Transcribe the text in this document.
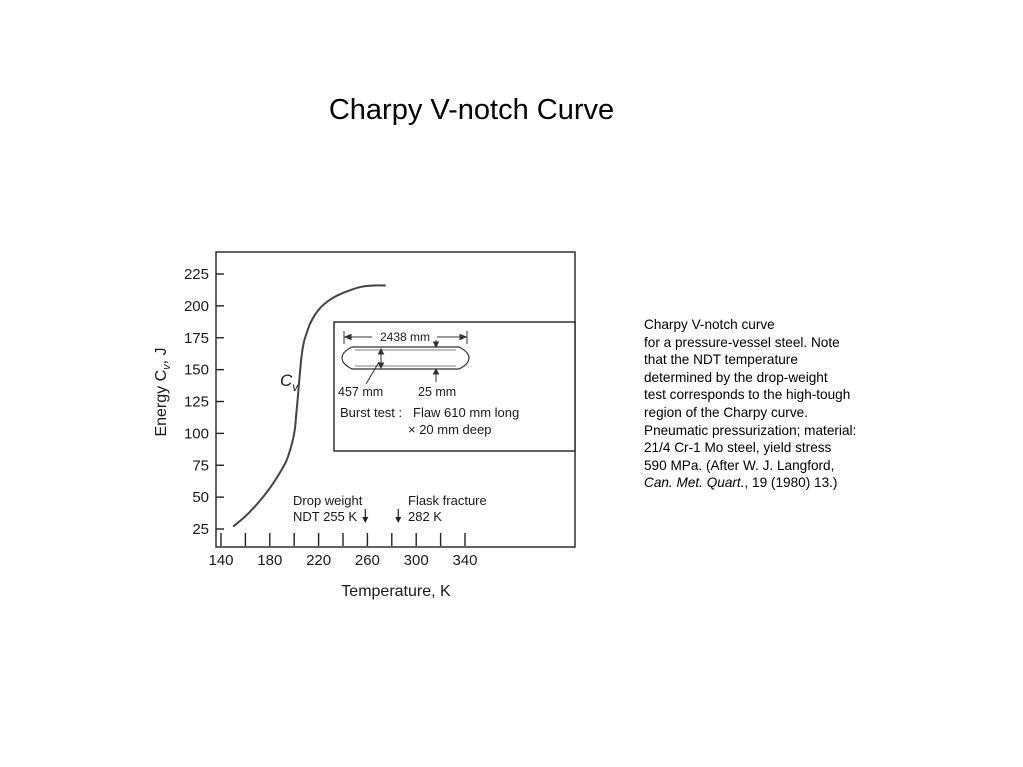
Charpy V-notch Curve
140 180 220 260 300 340
25
50
75
100
125
150
175
200
225
$C_v$
Temperature, K
Energy $C_v$, J
Drop weight
NDT 255 K
Flask fracture
282 K
2438 mm
457 mm	25 mm
Burst test : Flaw 610 mm long
× 20 mm deep
Charpy V-notch curve
for a pressure-vessel steel. Note
that the NDT temperature
determined by the drop-weight
test corresponds to the high-tough
region of the Charpy curve.
Pneumatic pressurization; material:
21/4 Cr-1 Mo steel, yield stress
590 MPa. (After W. J. Langford,
Can. Met. Quart., 19 (1980) 13.)
